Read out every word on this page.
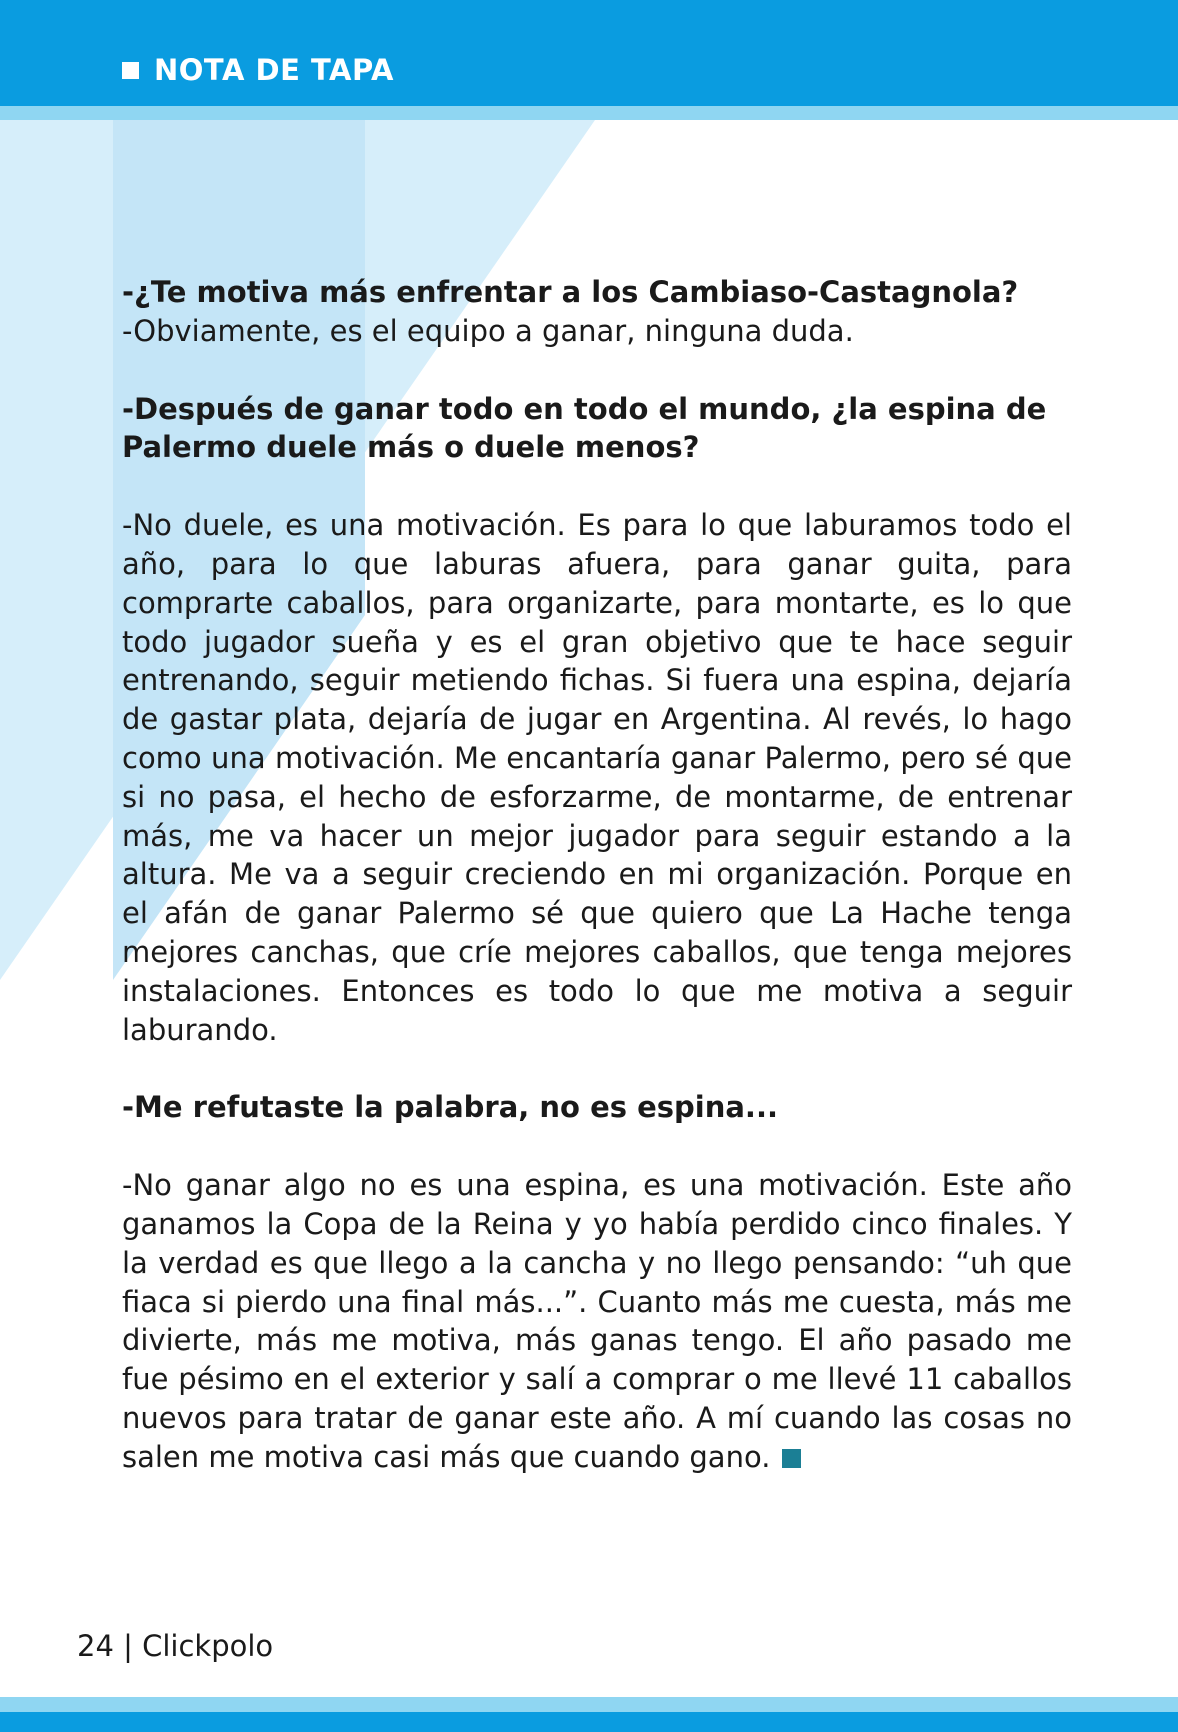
NOTA DE TAPA

-¿Te motiva más enfrentar a los Cambiaso-Castagnola?

-Obviamente, es el equipo a ganar, ninguna duda.

-Después de ganar todo en todo el mundo, ¿la espina de Palermo duele más o duele menos?

-No duele, es una motivación. Es para lo que laburamos todo el año, para lo que laburas afuera, para ganar guita, para comprarte caballos, para organizarte, para montarte, es lo que todo jugador sueña y es el gran objetivo que te hace seguir entrenando, seguir metiendo fichas. Si fuera una espina, dejaría de gastar plata, dejaría de jugar en Argentina. Al revés, lo hago como una motivación. Me encantaría ganar Palermo, pero sé que si no pasa, el hecho de esforzarme, de montarme, de entrenar más, me va hacer un mejor jugador para seguir estando a la altura. Me va a seguir creciendo en mi organización. Porque en el afán de ganar Palermo sé que quiero que La Hache tenga mejores canchas, que críe mejores caballos, que tenga mejores instalaciones. Entonces es todo lo que me motiva a seguir laburando.

-Me refutaste la palabra, no es espina...

-No ganar algo no es una espina, es una motivación. Este año ganamos la Copa de la Reina y yo había perdido cinco finales. Y la verdad es que llego a la cancha y no llego pensando: “uh que fiaca si pierdo una final más...”. Cuanto más me cuesta, más me divierte, más me motiva, más ganas tengo. El año pasado me fue pésimo en el exterior y salí a comprar o me llevé 11 caballos nuevos para tratar de ganar este año. A mí cuando las cosas no salen me motiva casi más que cuando gano.

24 | Clickpolo
